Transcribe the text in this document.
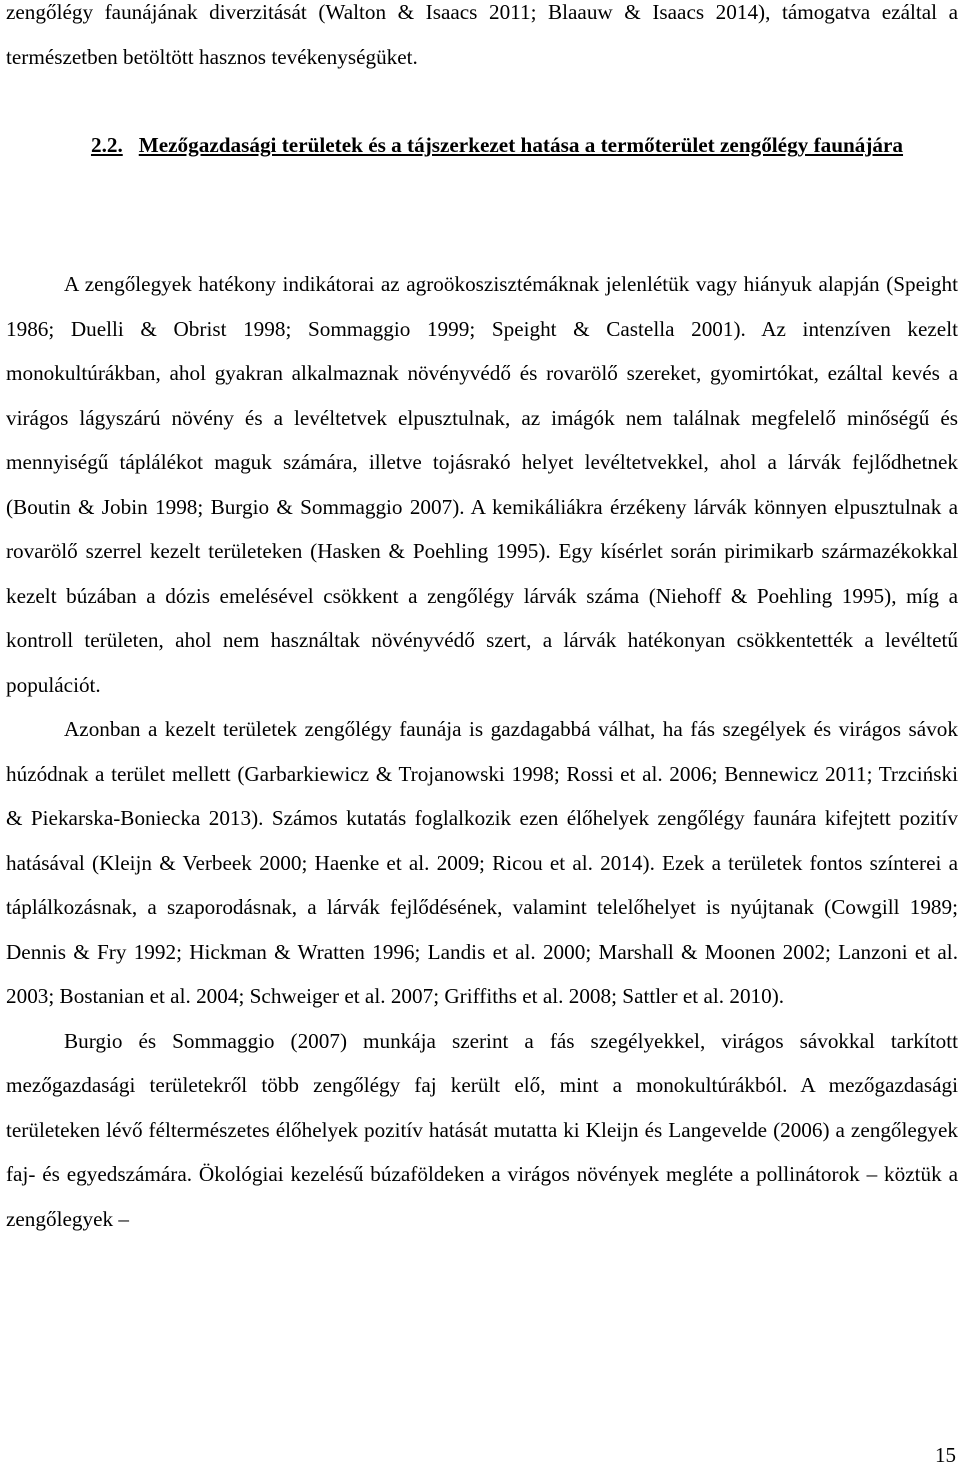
zengőlégy faunájának diverzitását (Walton & Isaacs 2011; Blaauw & Isaacs 2014), támogatva ezáltal a természetben betöltött hasznos tevékenységüket.

2.2. Mezőgazdasági területek és a tájszerkezet hatása a termőterület zengőlégy faunájára

A zengőlegyek hatékony indikátorai az agroökoszisztémáknak jelenlétük vagy hiányuk alapján (Speight 1986; Duelli & Obrist 1998; Sommaggio 1999; Speight & Castella 2001). Az intenzíven kezelt monokultúrákban, ahol gyakran alkalmaznak növényvédő és rovarölő szereket, gyomirtókat, ezáltal kevés a virágos lágyszárú növény és a levéltetvek elpusztulnak, az imágók nem találnak megfelelő minőségű és mennyiségű táplálékot maguk számára, illetve tojásrakó helyet levéltetvekkel, ahol a lárvák fejlődhetnek (Boutin & Jobin 1998; Burgio & Sommaggio 2007). A kemikáliákra érzékeny lárvák könnyen elpusztulnak a rovarölő szerrel kezelt területeken (Hasken & Poehling 1995). Egy kísérlet során pirimikarb származékokkal kezelt búzában a dózis emelésével csökkent a zengőlégy lárvák száma (Niehoff & Poehling 1995), míg a kontroll területen, ahol nem használtak növényvédő szert, a lárvák hatékonyan csökkentették a levéltetű populációt.

Azonban a kezelt területek zengőlégy faunája is gazdagabbá válhat, ha fás szegélyek és virágos sávok húzódnak a terület mellett (Garbarkiewicz & Trojanowski 1998; Rossi et al. 2006; Bennewicz 2011; Trzciński & Piekarska-Boniecka 2013). Számos kutatás foglalkozik ezen élőhelyek zengőlégy faunára kifejtett pozitív hatásával (Kleijn & Verbeek 2000; Haenke et al. 2009; Ricou et al. 2014). Ezek a területek fontos színterei a táplálkozásnak, a szaporodásnak, a lárvák fejlődésének, valamint telelőhelyet is nyújtanak (Cowgill 1989; Dennis & Fry 1992; Hickman & Wratten 1996; Landis et al. 2000; Marshall & Moonen 2002; Lanzoni et al. 2003; Bostanian et al. 2004; Schweiger et al. 2007; Griffiths et al. 2008; Sattler et al. 2010).

Burgio és Sommaggio (2007) munkája szerint a fás szegélyekkel, virágos sávokkal tarkított mezőgazdasági területekről több zengőlégy faj került elő, mint a monokultúrákból. A mezőgazdasági területeken lévő féltermészetes élőhelyek pozitív hatását mutatta ki Kleijn és Langevelde (2006) a zengőlegyek faj- és egyedszámára. Ökológiai kezelésű búzaföldeken a virágos növények megléte a pollinátorok – köztük a zengőlegyek –

15
